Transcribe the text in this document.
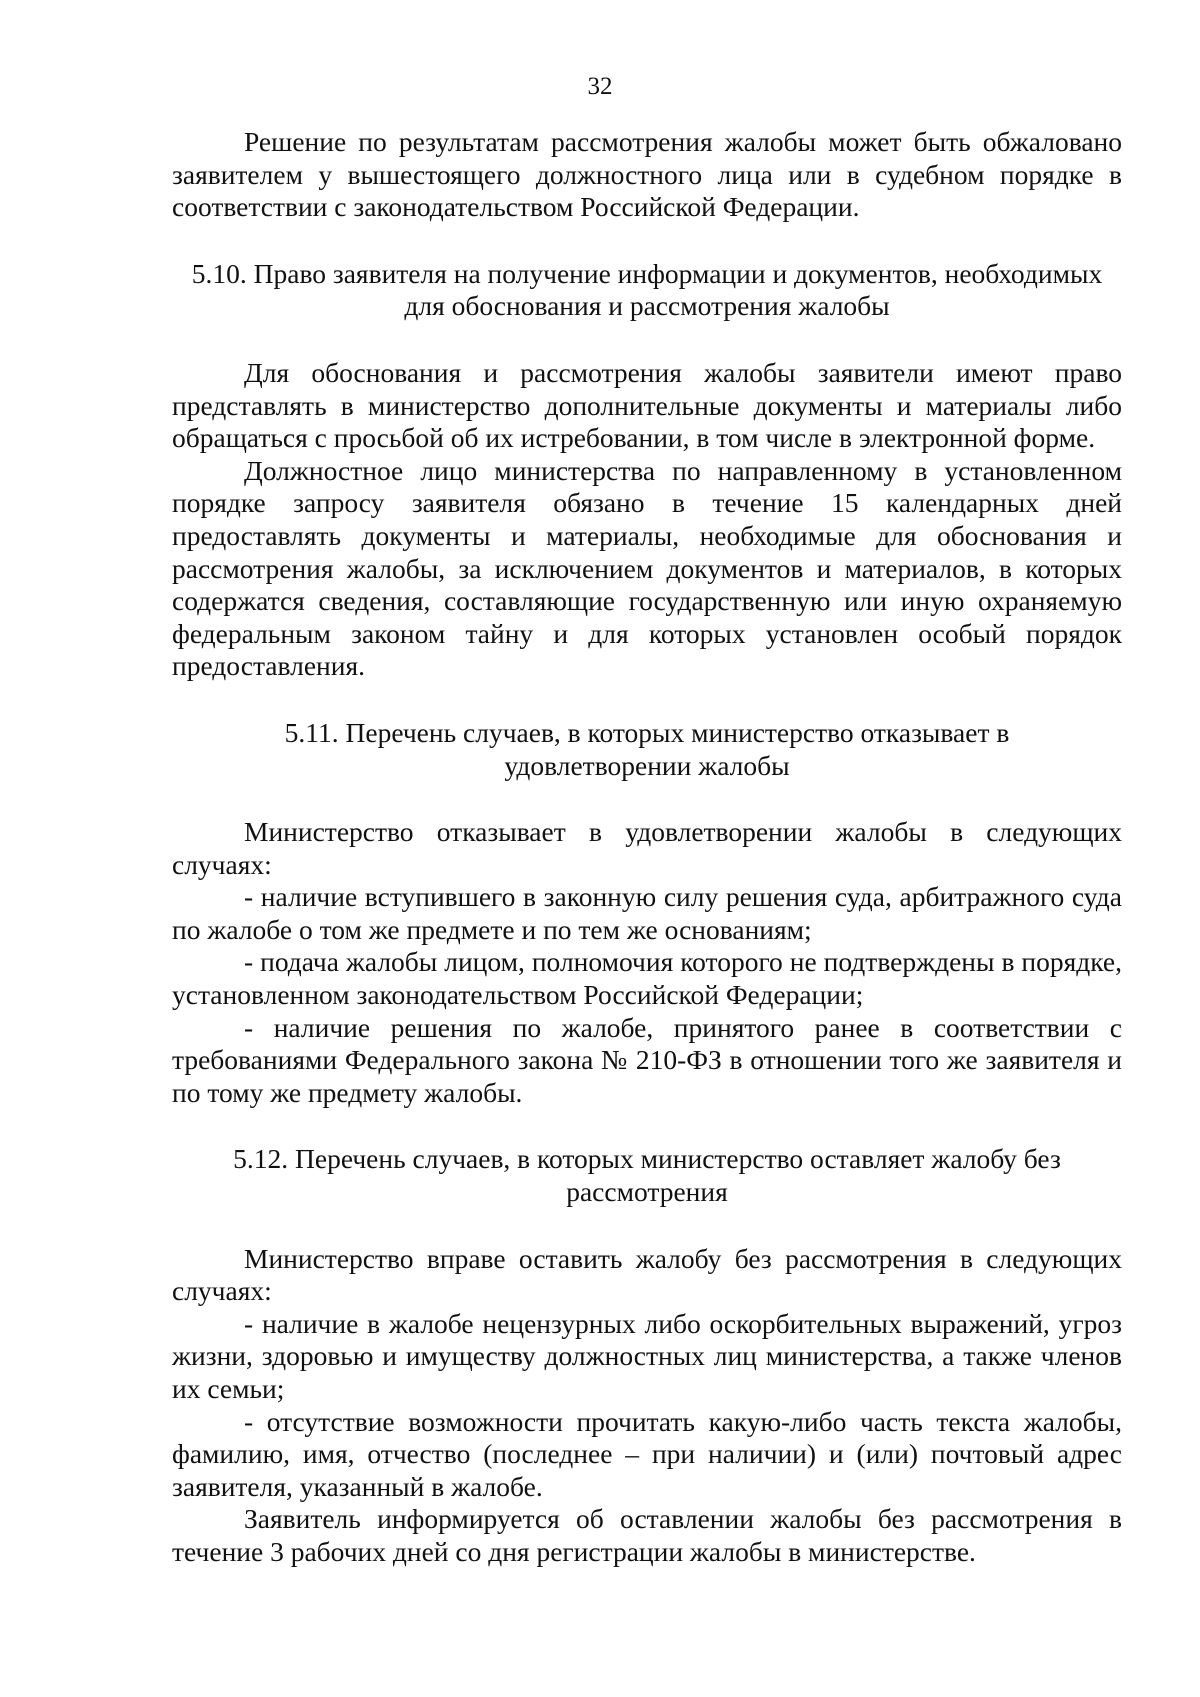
32

Решение по результатам рассмотрения жалобы может быть обжаловано заявителем у вышестоящего должностного лица или в судебном порядке в соответствии с законодательством Российской Федерации.

5.10. Право заявителя на получение информации и документов, необходимых для обоснования и рассмотрения жалобы

Для обоснования и рассмотрения жалобы заявители имеют право представлять в министерство дополнительные документы и материалы либо обращаться с просьбой об их истребовании, в том числе в электронной форме.

Должностное лицо министерства по направленному в установленном порядке запросу заявителя обязано в течение 15 календарных дней предоставлять документы и материалы, необходимые для обоснования и рассмотрения жалобы, за исключением документов и материалов, в которых содержатся сведения, составляющие государственную или иную охраняемую федеральным законом тайну и для которых установлен особый порядок предоставления.

5.11. Перечень случаев, в которых министерство отказывает в удовлетворении жалобы

Министерство отказывает в удовлетворении жалобы в следующих случаях:

- наличие вступившего в законную силу решения суда, арбитражного суда по жалобе о том же предмете и по тем же основаниям;

- подача жалобы лицом, полномочия которого не подтверждены в порядке, установленном законодательством Российской Федерации;

- наличие решения по жалобе, принятого ранее в соответствии с требованиями Федерального закона № 210-ФЗ в отношении того же заявителя и по тому же предмету жалобы.

5.12. Перечень случаев, в которых министерство оставляет жалобу без рассмотрения

Министерство вправе оставить жалобу без рассмотрения в следующих случаях:

- наличие в жалобе нецензурных либо оскорбительных выражений, угроз жизни, здоровью и имуществу должностных лиц министерства, а также членов их семьи;

- отсутствие возможности прочитать какую-либо часть текста жалобы, фамилию, имя, отчество (последнее – при наличии) и (или) почтовый адрес заявителя, указанный в жалобе.

Заявитель информируется об оставлении жалобы без рассмотрения в течение 3 рабочих дней со дня регистрации жалобы в министерстве.
